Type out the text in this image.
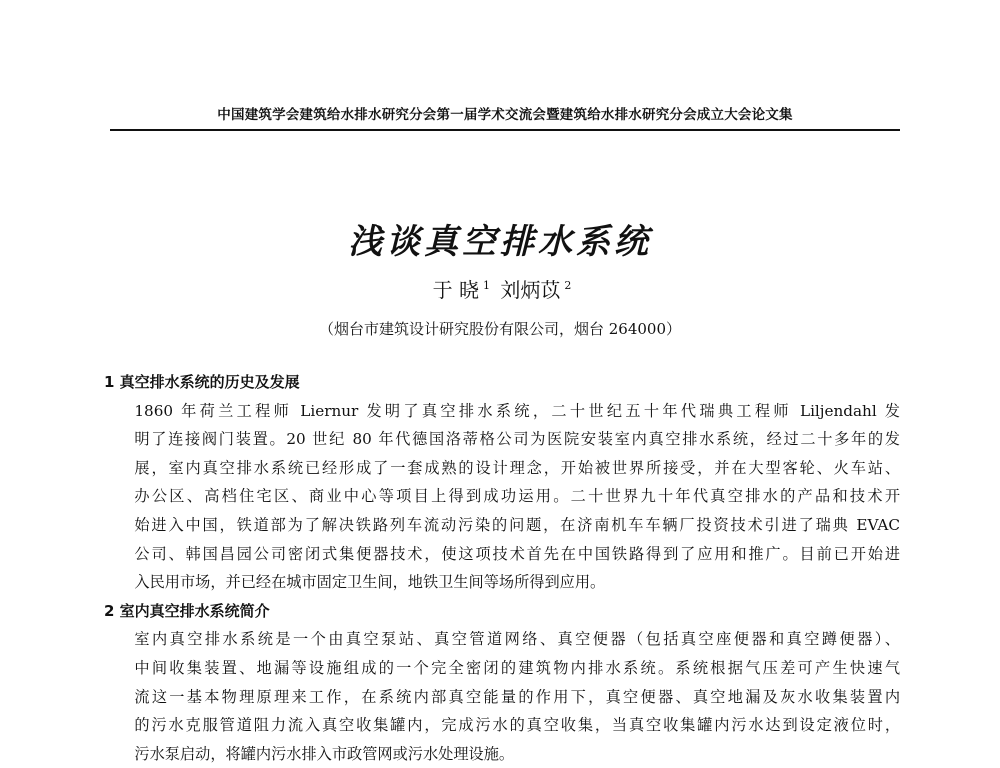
中国建筑学会建筑给水排水研究分会第一届学术交流会暨建筑给水排水研究分会成立大会论文集
浅谈真空排水系统
于 晓 $^1$ 刘炳苡 $^2$
（烟台市建筑设计研究股份有限公司，烟台 264000）
1 真空排水系统的历史及发展
1860 年荷兰工程师 Liernur 发明了真空排水系统，二十世纪五十年代瑞典工程师 Liljendahl 发
明了连接阀门装置。20 世纪 80 年代德国洛蒂格公司为医院安装室内真空排水系统，经过二十多年的发
展，室内真空排水系统已经形成了一套成熟的设计理念，开始被世界所接受，并在大型客轮、火车站、
办公区、高档住宅区、商业中心等项目上得到成功运用。二十世界九十年代真空排水的产品和技术开
始进入中国，铁道部为了解决铁路列车流动污染的问题，在济南机车车辆厂投资技术引进了瑞典 EVAC
公司、韩国昌园公司密闭式集便器技术，使这项技术首先在中国铁路得到了应用和推广。目前已开始进
入民用市场，并已经在城市固定卫生间，地铁卫生间等场所得到应用。
2 室内真空排水系统简介
室内真空排水系统是一个由真空泵站、真空管道网络、真空便器（包括真空座便器和真空蹲便器）、
中间收集装置、地漏等设施组成的一个完全密闭的建筑物内排水系统。系统根据气压差可产生快速气
流这一基本物理原理来工作，在系统内部真空能量的作用下，真空便器、真空地漏及灰水收集装置内
的污水克服管道阻力流入真空收集罐内，完成污水的真空收集，当真空收集罐内污水达到设定液位时，
污水泵启动，将罐内污水排入市政管网或污水处理设施。
